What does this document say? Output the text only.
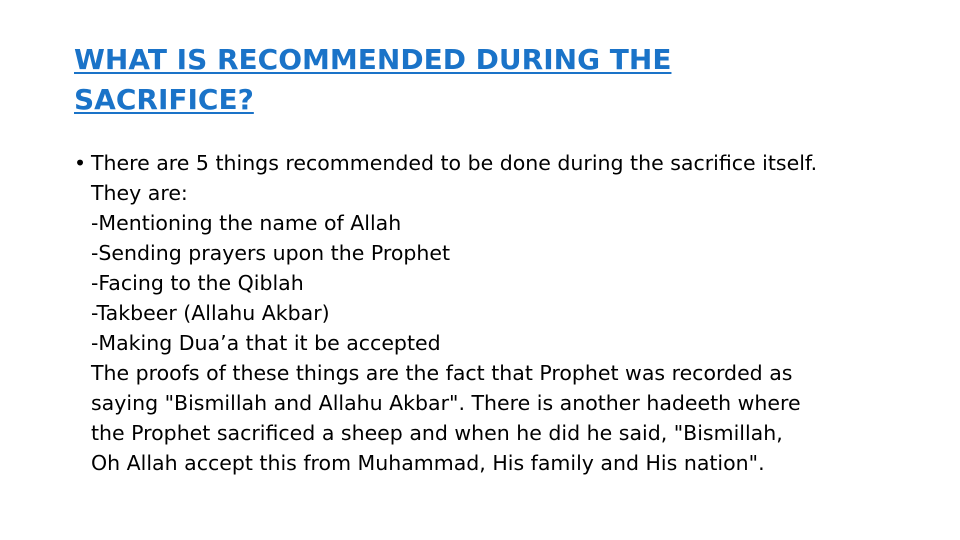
WHAT IS RECOMMENDED DURING THE
SACRIFICE?
• There are 5 things recommended to be done during the sacrifice itself.
They are:
-Mentioning the name of Allah
-Sending prayers upon the Prophet
-Facing to the Qiblah
-Takbeer (Allahu Akbar)
-Making Dua’a that it be accepted
The proofs of these things are the fact that Prophet was recorded as
saying "Bismillah and Allahu Akbar". There is another hadeeth where
the Prophet sacrificed a sheep and when he did he said, "Bismillah,
Oh Allah accept this from Muhammad, His family and His nation".
